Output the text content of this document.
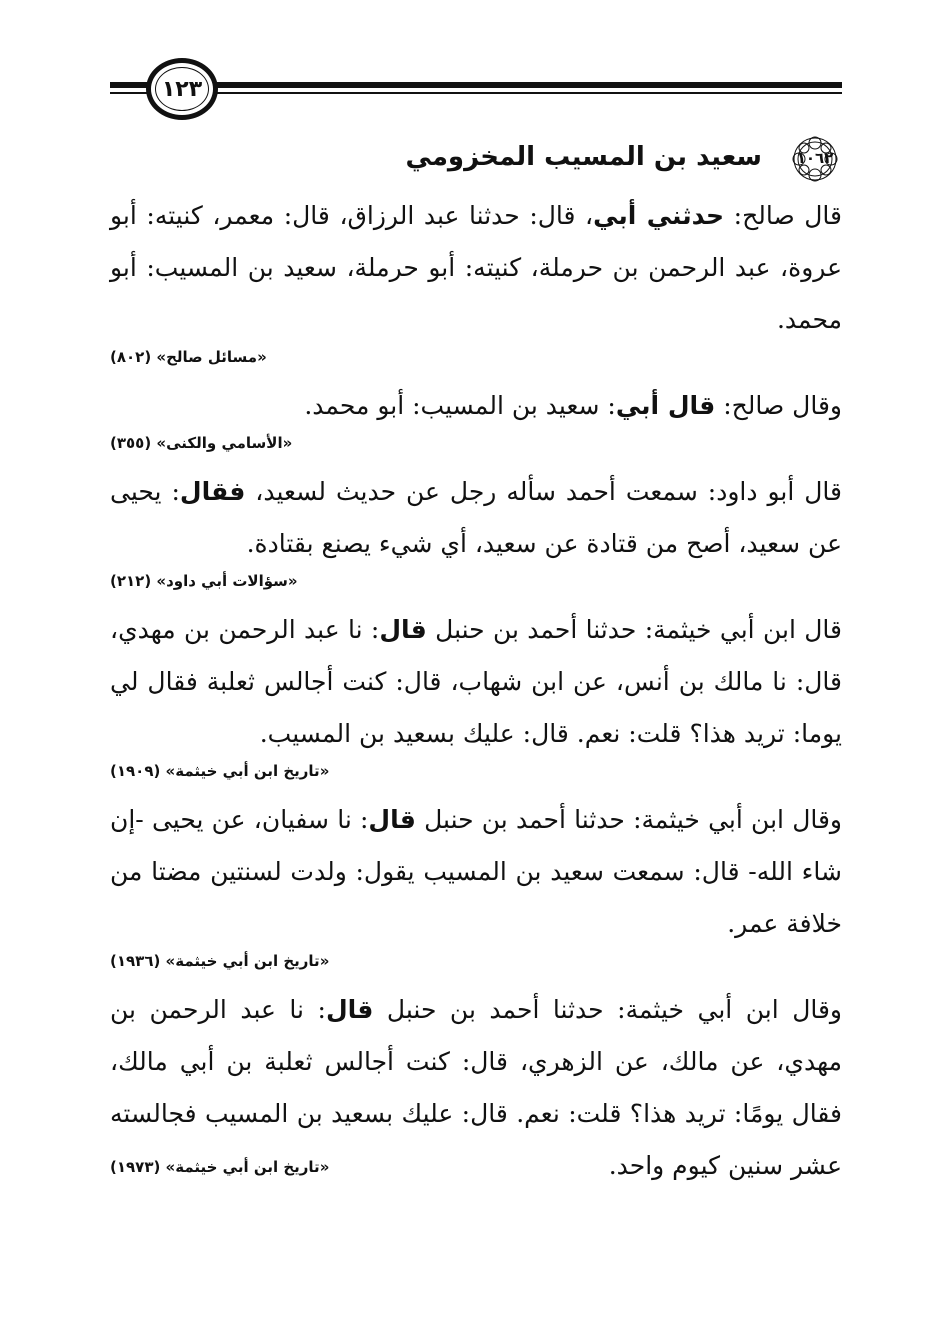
١٢٣
١٠٦٢
سعيد بن المسيب المخزومي

قال صالح: حدثني أبي، قال: حدثنا عبد الرزاق، قال: معمر، كنيته: أبو عروة، عبد الرحمن بن حرملة، كنيته: أبو حرملة، سعيد بن المسيب: أبو محمد.

«مسائل صالح» (٨٠٢)

وقال صالح: قال أبي: سعيد بن المسيب: أبو محمد.

«الأسامي والكنى» (٣٥٥)

قال أبو داود: سمعت أحمد سأله رجل عن حديث لسعيد، فقال: يحيى عن سعيد، أصح من قتادة عن سعيد، أي شيء يصنع بقتادة.

«سؤالات أبي داود» (٢١٢)

قال ابن أبي خيثمة: حدثنا أحمد بن حنبل قال: نا عبد الرحمن بن مهدي، قال: نا مالك بن أنس، عن ابن شهاب، قال: كنت أجالس ثعلبة فقال لي يوما: تريد هذا؟ قلت: نعم. قال: عليك بسعيد بن المسيب.

«تاريخ ابن أبي خيثمة» (١٩٠٩)

وقال ابن أبي خيثمة: حدثنا أحمد بن حنبل قال: نا سفيان، عن يحيى -إن شاء الله- قال: سمعت سعيد بن المسيب يقول: ولدت لسنتين مضتا من خلافة عمر.

«تاريخ ابن أبي خيثمة» (١٩٣٦)

وقال ابن أبي خيثمة: حدثنا أحمد بن حنبل قال: نا عبد الرحمن بن مهدي، عن مالك، عن الزهري، قال: كنت أجالس ثعلبة بن أبي مالك، فقال يومًا: تريد هذا؟ قلت: نعم. قال: عليك بسعيد بن المسيب فجالسته عشر سنين كيوم واحد.

«تاريخ ابن أبي خيثمة» (١٩٧٣)
